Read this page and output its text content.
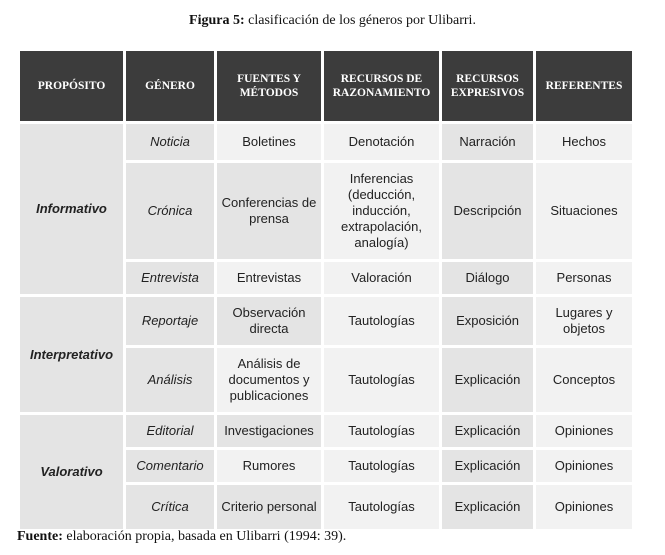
Figura 5: clasificación de los géneros por Ulibarri.
PROPÓSITO	GÉNERO	FUENTES Y MÉTODOS	RECURSOS DE RAZONAMIENTO	RECURSOS EXPRESIVOS	REFERENTES
Informativo	Noticia	Boletines	Denotación	Narración	Hechos
	Crónica	Conferencias de prensa	Inferencias (deducción, inducción, extrapolación, analogía)	Descripción	Situaciones
	Entrevista	Entrevistas	Valoración	Diálogo	Personas
Interpretativo	Reportaje	Observación directa	Tautologías	Exposición	Lugares y objetos
	Análisis	Análisis de documentos y publicaciones	Tautologías	Explicación	Conceptos
Valorativo	Editorial	Investigaciones	Tautologías	Explicación	Opiniones
	Comentario	Rumores	Tautologías	Explicación	Opiniones
	Crítica	Criterio personal	Tautologías	Explicación	Opiniones
Fuente: elaboración propia, basada en Ulibarri (1994: 39).
